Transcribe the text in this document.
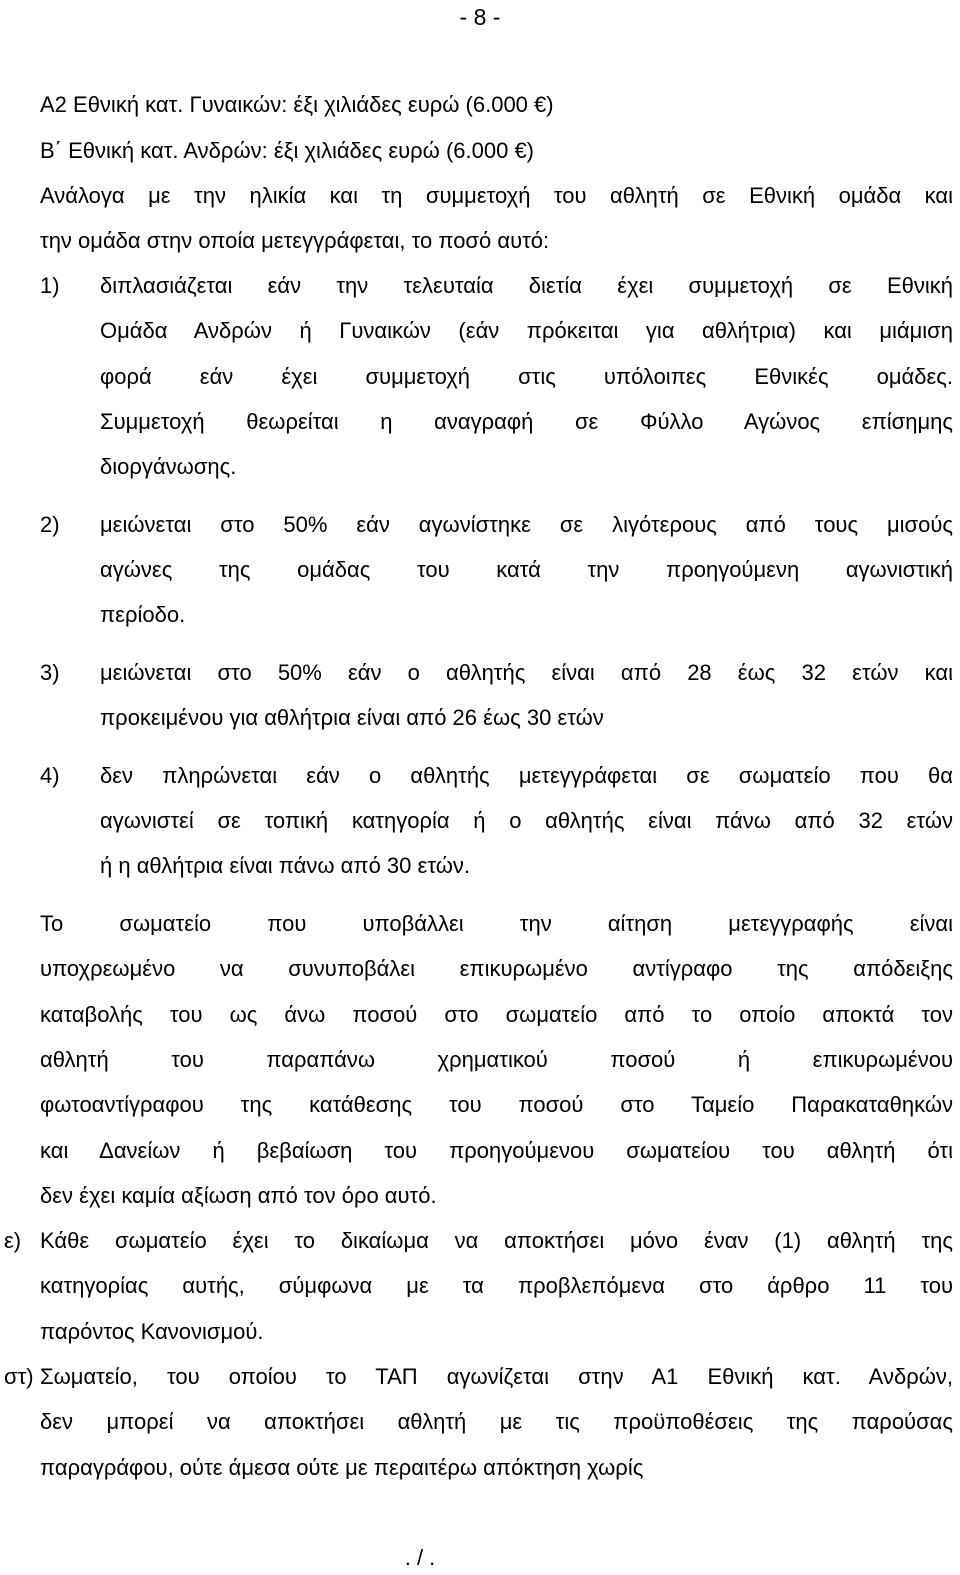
- 8 -
A2 Εθνική κατ. Γυναικών: έξι χιλιάδες ευρώ (6.000 €)
B΄ Εθνική κατ. Ανδρών: έξι χιλιάδες ευρώ (6.000 €)
Ανάλογα με την ηλικία και τη συμμετοχή του αθλητή σε Εθνική ομάδα και
την ομάδα στην οποία μετεγγράφεται, το ποσό αυτό:
1) διπλασιάζεται εάν την τελευταία διετία έχει συμμετοχή σε Εθνική
Ομάδα Ανδρών ή Γυναικών (εάν πρόκειται για αθλήτρια) και μιάμιση
φορά εάν έχει συμμετοχή στις υπόλοιπες Εθνικές ομάδες.
Συμμετοχή θεωρείται η αναγραφή σε Φύλλο Αγώνος επίσημης
διοργάνωσης.
2) μειώνεται στο 50% εάν αγωνίστηκε σε λιγότερους από τους μισούς
αγώνες της ομάδας του κατά την προηγούμενη αγωνιστική
περίοδο.
3) μειώνεται στο 50% εάν ο αθλητής είναι από 28 έως 32 ετών και
προκειμένου για αθλήτρια είναι από 26 έως 30 ετών
4) δεν πληρώνεται εάν ο αθλητής μετεγγράφεται σε σωματείο που θα
αγωνιστεί σε τοπική κατηγορία ή ο αθλητής είναι πάνω από 32 ετών
ή η αθλήτρια είναι πάνω από 30 ετών.
Το σωματείο που υποβάλλει την αίτηση μετεγγραφής είναι
υποχρεωμένο να συνυποβάλει επικυρωμένο αντίγραφο της απόδειξης
καταβολής του ως άνω ποσού στο σωματείο από το οποίο αποκτά τον
αθλητή του παραπάνω χρηματικού ποσού ή επικυρωμένου
φωτοαντίγραφου της κατάθεσης του ποσού στο Ταμείο Παρακαταθηκών
και Δανείων ή βεβαίωση του προηγούμενου σωματείου του αθλητή ότι
δεν έχει καμία αξίωση από τον όρο αυτό.
ε) Κάθε σωματείο έχει το δικαίωμα να αποκτήσει μόνο έναν (1) αθλητή της
κατηγορίας αυτής, σύμφωνα με τα προβλεπόμενα στο άρθρο 11 του
παρόντος Κανονισμού.
στ) Σωματείο, του οποίου το ΤΑΠ αγωνίζεται στην Α1 Εθνική κατ. Ανδρών,
δεν μπορεί να αποκτήσει αθλητή με τις προϋποθέσεις της παρούσας
παραγράφου, ούτε άμεσα ούτε με περαιτέρω απόκτηση χωρίς
. / .
